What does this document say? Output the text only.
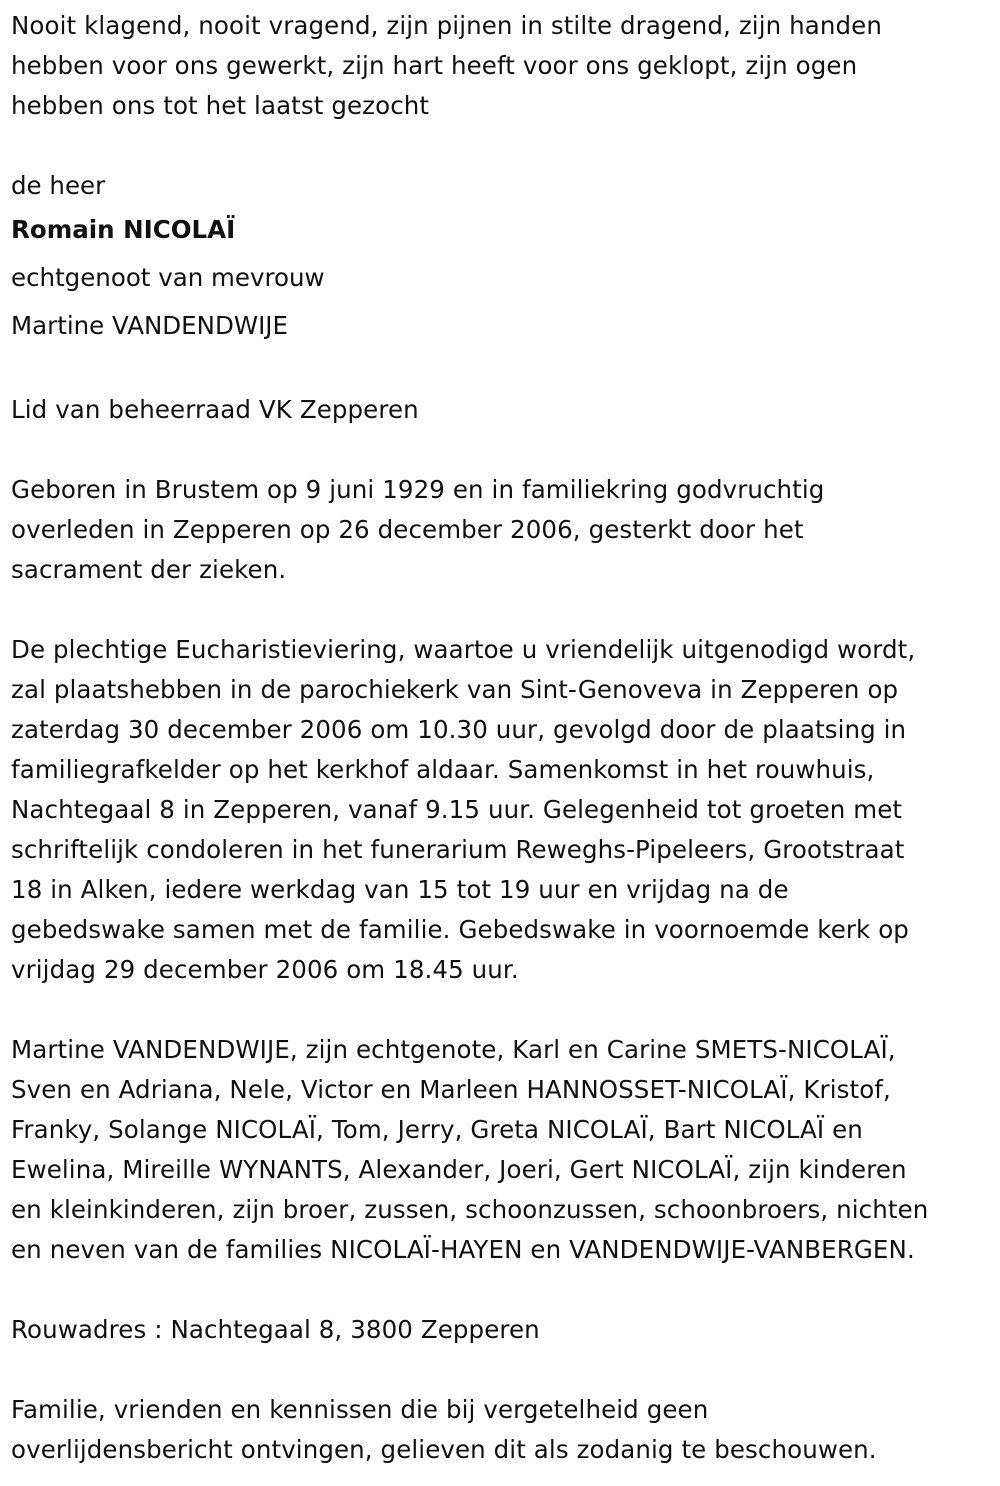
Nooit klagend, nooit vragend, zijn pijnen in stilte dragend, zijn handen
hebben voor ons gewerkt, zijn hart heeft voor ons geklopt, zijn ogen
hebben ons tot het laatst gezocht

de heer

Romain NICOLAÏ

echtgenoot van mevrouw

Martine VANDENDWIJE

Lid van beheerraad VK Zepperen

Geboren in Brustem op 9 juni 1929 en in familiekring godvruchtig
overleden in Zepperen op 26 december 2006, gesterkt door het
sacrament der zieken.

De plechtige Eucharistieviering, waartoe u vriendelijk uitgenodigd wordt,
zal plaatshebben in de parochiekerk van Sint-Genoveva in Zepperen op
zaterdag 30 december 2006 om 10.30 uur, gevolgd door de plaatsing in
familiegrafkelder op het kerkhof aldaar. Samenkomst in het rouwhuis,
Nachtegaal 8 in Zepperen, vanaf 9.15 uur. Gelegenheid tot groeten met
schriftelijk condoleren in het funerarium Reweghs-Pipeleers, Grootstraat
18 in Alken, iedere werkdag van 15 tot 19 uur en vrijdag na de
gebedswake samen met de familie. Gebedswake in voornoemde kerk op
vrijdag 29 december 2006 om 18.45 uur.

Martine VANDENDWIJE, zijn echtgenote, Karl en Carine SMETS-NICOLAÏ,
Sven en Adriana, Nele, Victor en Marleen HANNOSSET-NICOLAÏ, Kristof,
Franky, Solange NICOLAÏ, Tom, Jerry, Greta NICOLAÏ, Bart NICOLAÏ en
Ewelina, Mireille WYNANTS, Alexander, Joeri, Gert NICOLAÏ, zijn kinderen
en kleinkinderen, zijn broer, zussen, schoonzussen, schoonbroers, nichten
en neven van de families NICOLAÏ-HAYEN en VANDENDWIJE-VANBERGEN.

Rouwadres : Nachtegaal 8, 3800 Zepperen

Familie, vrienden en kennissen die bij vergetelheid geen
overlijdensbericht ontvingen, gelieven dit als zodanig te beschouwen.
